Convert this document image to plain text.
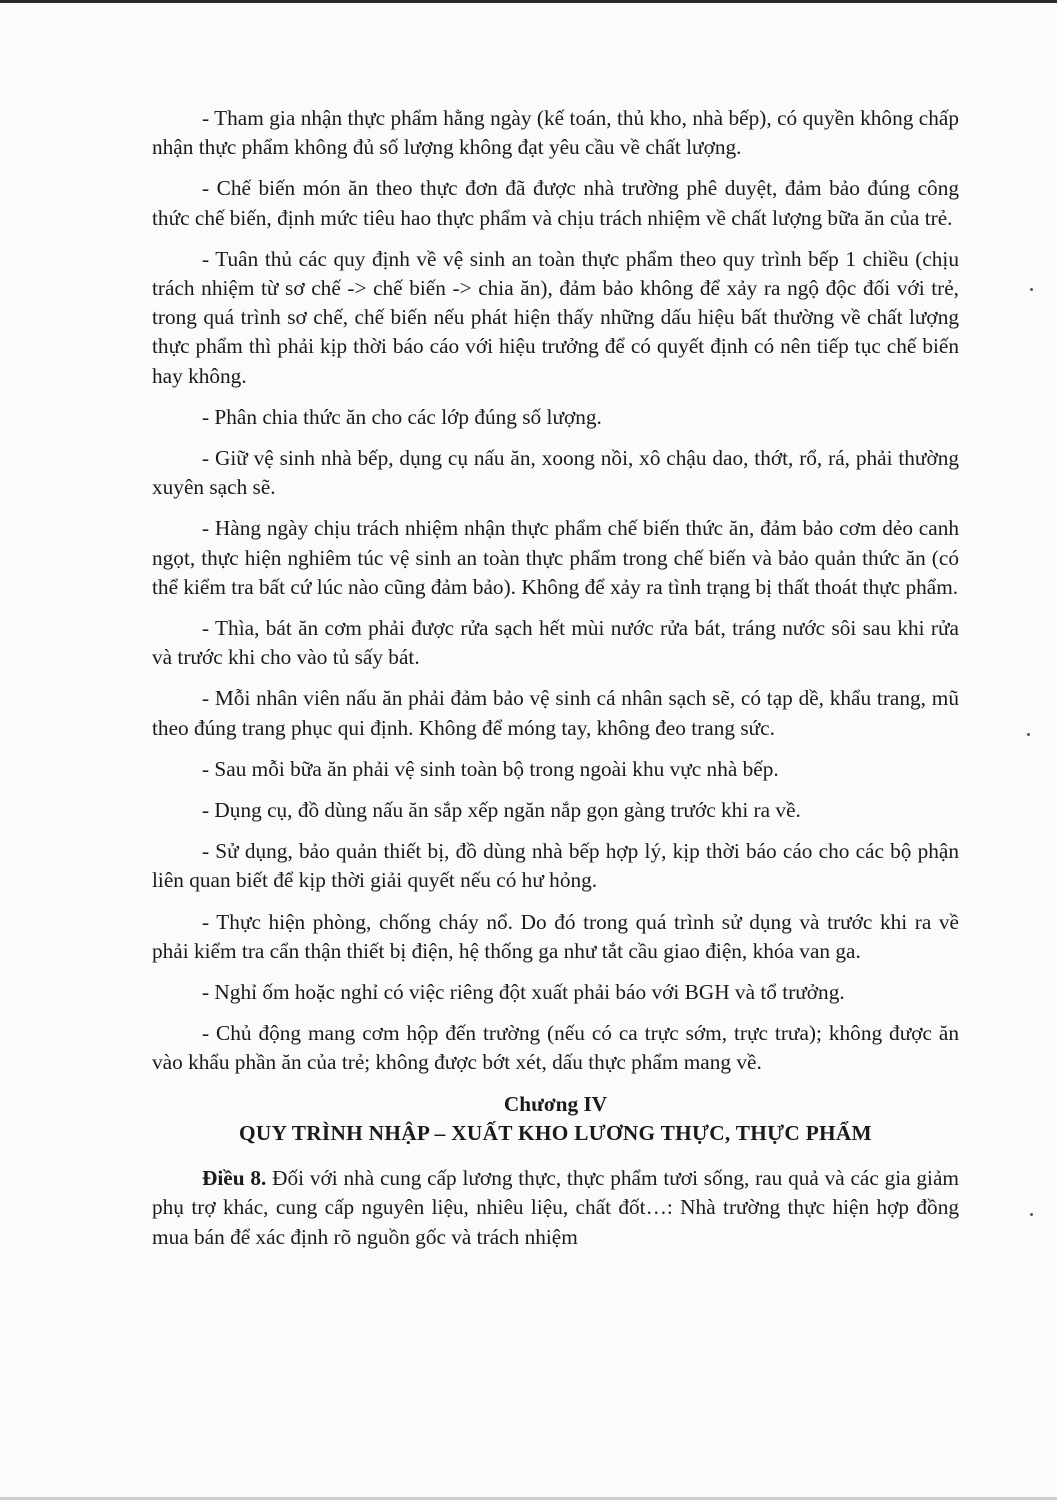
- Tham gia nhận thực phẩm hằng ngày (kế toán, thủ kho, nhà bếp), có quyền không chấp nhận thực phẩm không đủ số lượng không đạt yêu cầu về chất lượng.

- Chế biến món ăn theo thực đơn đã được nhà trường phê duyệt, đảm bảo đúng công thức chế biến, định mức tiêu hao thực phẩm và chịu trách nhiệm về chất lượng bữa ăn của trẻ.

- Tuân thủ các quy định về vệ sinh an toàn thực phẩm theo quy trình bếp 1 chiều (chịu trách nhiệm từ sơ chế -> chế biến -> chia ăn), đảm bảo không để xảy ra ngộ độc đối với trẻ, trong quá trình sơ chế, chế biến nếu phát hiện thấy những dấu hiệu bất thường về chất lượng thực phẩm thì phải kịp thời báo cáo với hiệu trưởng để có quyết định có nên tiếp tục chế biến hay không.

- Phân chia thức ăn cho các lớp đúng số lượng.

- Giữ vệ sinh nhà bếp, dụng cụ nấu ăn, xoong nồi, xô chậu dao, thớt, rổ, rá, phải thường xuyên sạch sẽ.

- Hàng ngày chịu trách nhiệm nhận thực phẩm chế biến thức ăn, đảm bảo cơm dẻo canh ngọt, thực hiện nghiêm túc vệ sinh an toàn thực phẩm trong chế biến và bảo quản thức ăn (có thể kiểm tra bất cứ lúc nào cũng đảm bảo). Không để xảy ra tình trạng bị thất thoát thực phẩm.

- Thìa, bát ăn cơm phải được rửa sạch hết mùi nước rửa bát, tráng nước sôi sau khi rửa và trước khi cho vào tủ sấy bát.

- Mỗi nhân viên nấu ăn phải đảm bảo vệ sinh cá nhân sạch sẽ, có tạp dề, khẩu trang, mũ theo đúng trang phục qui định. Không để móng tay, không đeo trang sức.

- Sau mỗi bữa ăn phải vệ sinh toàn bộ trong ngoài khu vực nhà bếp.

- Dụng cụ, đồ dùng nấu ăn sắp xếp ngăn nắp gọn gàng trước khi ra về.

- Sử dụng, bảo quản thiết bị, đồ dùng nhà bếp hợp lý, kịp thời báo cáo cho các bộ phận liên quan biết để kịp thời giải quyết nếu có hư hỏng.

- Thực hiện phòng, chống cháy nổ. Do đó trong quá trình sử dụng và trước khi ra về phải kiểm tra cẩn thận thiết bị điện, hệ thống ga như tắt cầu giao điện, khóa van ga.

- Nghỉ ốm hoặc nghỉ có việc riêng đột xuất phải báo với BGH và tổ trưởng.

- Chủ động mang cơm hộp đến trường (nếu có ca trực sớm, trực trưa); không được ăn vào khẩu phần ăn của trẻ; không được bớt xét, dấu thực phẩm mang về.

Chương IV
QUY TRÌNH NHẬP – XUẤT KHO LƯƠNG THỰC, THỰC PHẨM

Điều 8. Đối với nhà cung cấp lương thực, thực phẩm tươi sống, rau quả và các gia giảm phụ trợ khác, cung cấp nguyên liệu, nhiêu liệu, chất đốt…: Nhà trường thực hiện hợp đồng mua bán để xác định rõ nguồn gốc và trách nhiệm
